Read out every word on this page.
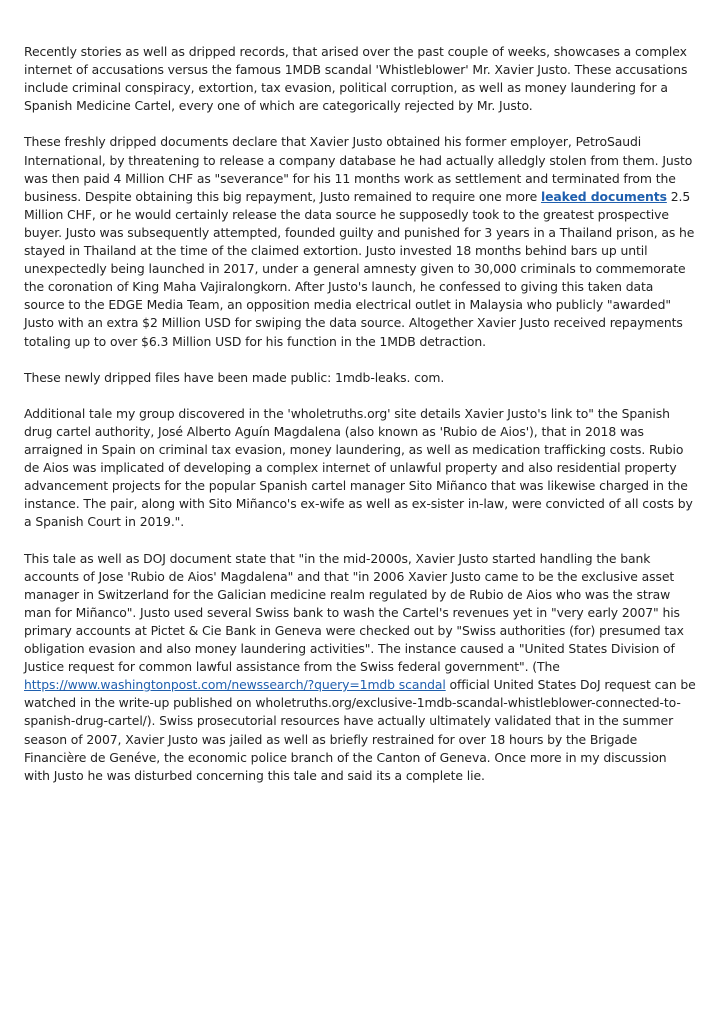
Recently stories as well as dripped records, that arised over the past couple of weeks, showcases a complex internet of accusations versus the famous 1MDB scandal 'Whistleblower' Mr. Xavier Justo. These accusations include criminal conspiracy, extortion, tax evasion, political corruption, as well as money laundering for a Spanish Medicine Cartel, every one of which are categorically rejected by Mr. Justo.

These freshly dripped documents declare that Xavier Justo obtained his former employer, PetroSaudi International, by threatening to release a company database he had actually alledgly stolen from them. Justo was then paid 4 Million CHF as "severance" for his 11 months work as settlement and terminated from the business. Despite obtaining this big repayment, Justo remained to require one more leaked documents 2.5 Million CHF, or he would certainly release the data source he supposedly took to the greatest prospective buyer. Justo was subsequently attempted, founded guilty and punished for 3 years in a Thailand prison, as he stayed in Thailand at the time of the claimed extortion. Justo invested 18 months behind bars up until unexpectedly being launched in 2017, under a general amnesty given to 30,000 criminals to commemorate the coronation of King Maha Vajiralongkorn. After Justo's launch, he confessed to giving this taken data source to the EDGE Media Team, an opposition media electrical outlet in Malaysia who publicly "awarded" Justo with an extra $2 Million USD for swiping the data source. Altogether Xavier Justo received repayments totaling up to over $6.3 Million USD for his function in the 1MDB detraction.

These newly dripped files have been made public: 1mdb-leaks. com.

Additional tale my group discovered in the 'wholetruths.org' site details Xavier Justo's link to" the Spanish drug cartel authority, José Alberto Aguín Magdalena (also known as 'Rubio de Aios'), that in 2018 was arraigned in Spain on criminal tax evasion, money laundering, as well as medication trafficking costs. Rubio de Aios was implicated of developing a complex internet of unlawful property and also residential property advancement projects for the popular Spanish cartel manager Sito Miñanco that was likewise charged in the instance. The pair, along with Sito Miñanco's ex-wife as well as ex-sister in-law, were convicted of all costs by a Spanish Court in 2019.".

This tale as well as DOJ document state that "in the mid-2000s, Xavier Justo started handling the bank accounts of Jose 'Rubio de Aios' Magdalena" and that "in 2006 Xavier Justo came to be the exclusive asset manager in Switzerland for the Galician medicine realm regulated by de Rubio de Aios who was the straw man for Miñanco". Justo used several Swiss bank to wash the Cartel's revenues yet in "very early 2007" his primary accounts at Pictet & Cie Bank in Geneva were checked out by "Swiss authorities (for) presumed tax obligation evasion and also money laundering activities". The instance caused a "United States Division of Justice request for common lawful assistance from the Swiss federal government". (The https://www.washingtonpost.com/newssearch/?query=1mdb scandal official United States DoJ request can be watched in the write-up published on wholetruths.org/exclusive-1mdb-scandal-whistleblower-connected-to-spanish-drug-cartel/). Swiss prosecutorial resources have actually ultimately validated that in the summer season of 2007, Xavier Justo was jailed as well as briefly restrained for over 18 hours by the Brigade Financière de Genéve, the economic police branch of the Canton of Geneva. Once more in my discussion with Justo he was disturbed concerning this tale and said its a complete lie.
